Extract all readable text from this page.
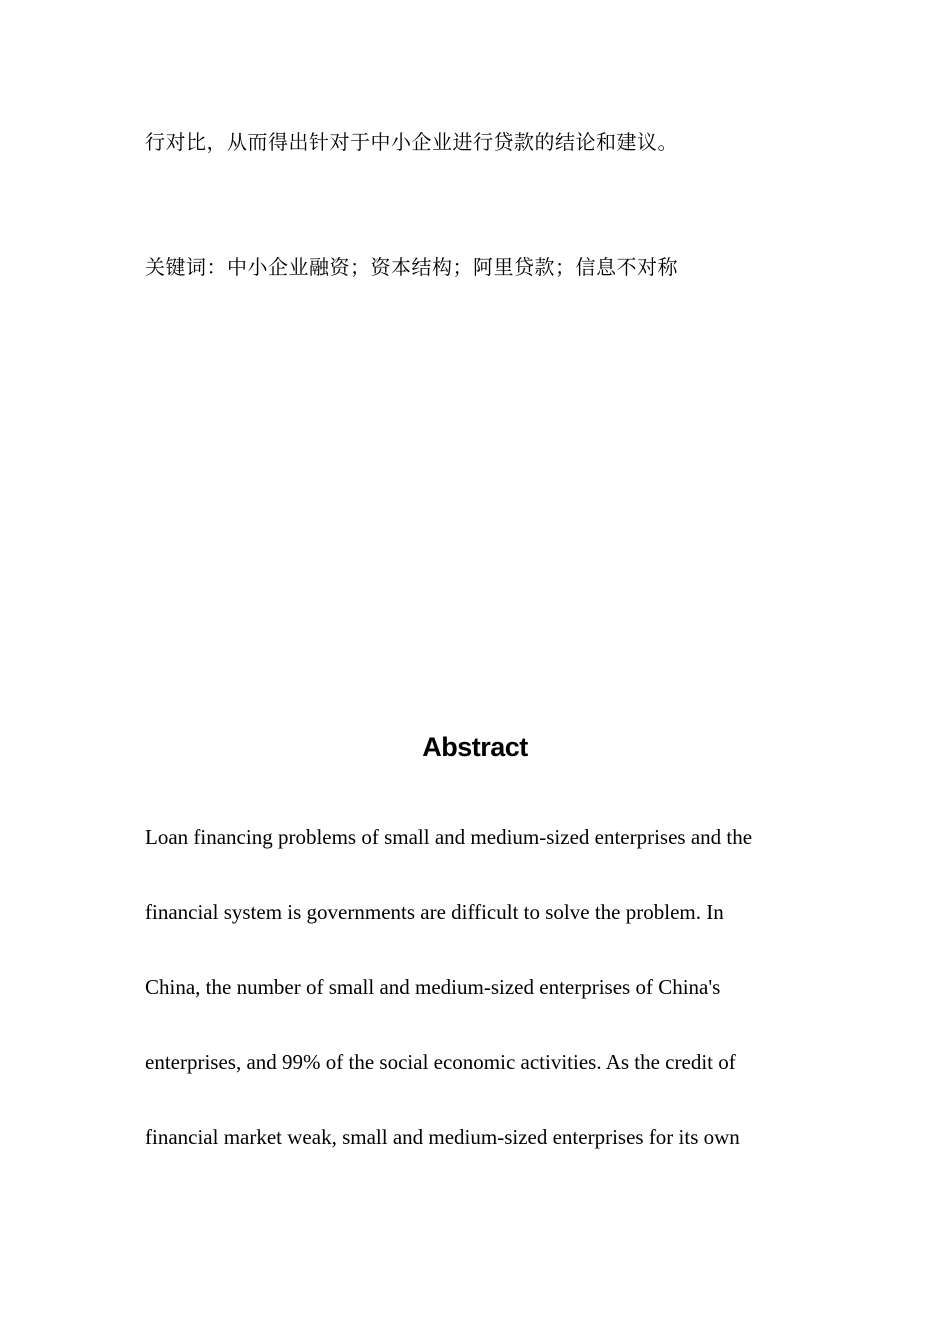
行对比，从而得出针对于中小企业进行贷款的结论和建议。
关键词：中小企业融资；资本结构；阿里贷款；信息不对称
Abstract
Loan financing problems of small and medium-sized enterprises and the
financial system is governments are difficult to solve the problem. In
China, the number of small and medium-sized enterprises of China's
enterprises, and 99% of the social economic activities. As the credit of
financial market weak, small and medium-sized enterprises for its own
